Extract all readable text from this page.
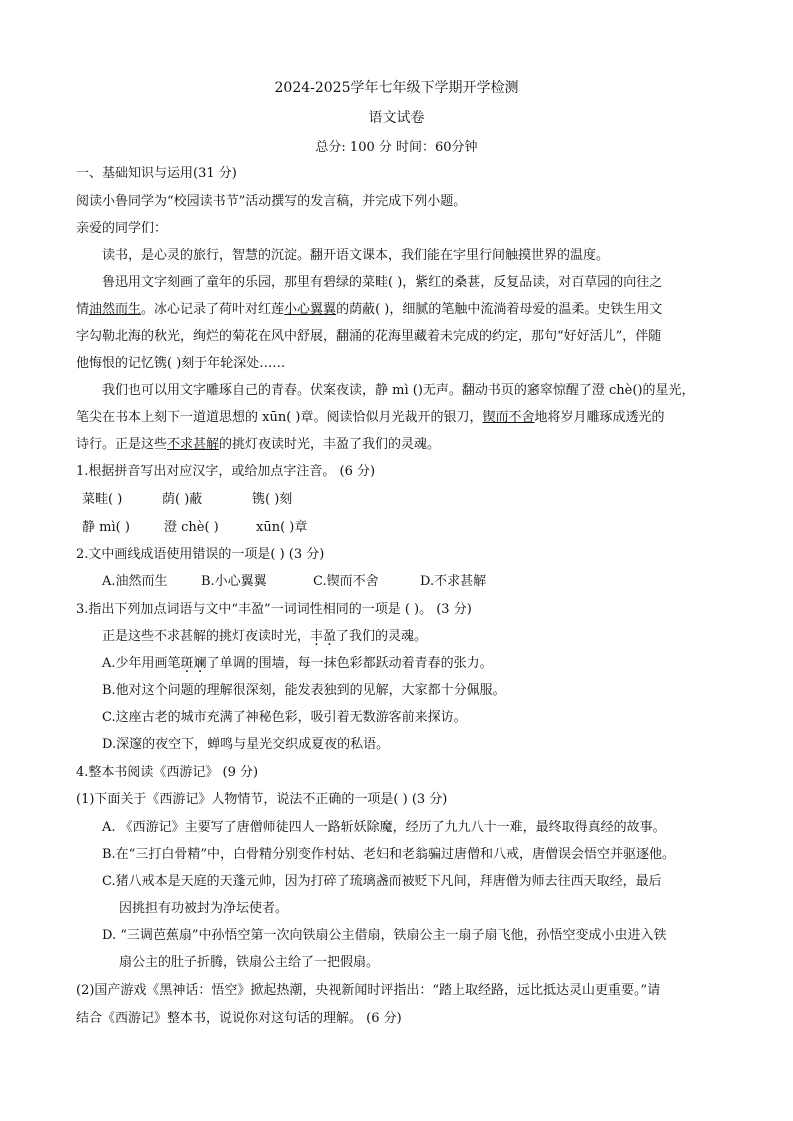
2024-2025学年七年级下学期开学检测
语文试卷
总分: 100 分 时间：60分钟
一、基础知识与运用(31 分)
阅读小鲁同学为“校园读书节”活动撰写的发言稿，并完成下列小题。
亲爱的同学们：
读书，是心灵的旅行，智慧的沉淀。翻开语文课本，我们能在字里行间触摸世界的温度。
鲁迅用文字刻画了童年的乐园，那里有碧绿的菜畦( )，紫红的桑葚，反复品读，对百草园的向往之
情油然而生。冰心记录了荷叶对红莲小心翼翼的荫蔽( )，细腻的笔触中流淌着母爱的温柔。史铁生用文
字勾勒北海的秋光，绚烂的菊花在风中舒展，翻涌的花海里藏着未完成的约定，那句“好好活儿”，伴随
他悔恨的记忆镌( )刻于年轮深处……
我们也可以用文字雕琢自己的青春。伏案夜读，静 mì ()无声。翻动书页的窸窣惊醒了澄 chè()的星光，
笔尖在书本上刻下一道道思想的 xūn( )章。阅读恰似月光裁开的银刀，锲而不舍地将岁月雕琢成透光的
诗行。正是这些不求甚解的挑灯夜读时光，丰盈了我们的灵魂。
1.根据拼音写出对应汉字，或给加点字注音。 (6 分)
菜畦( )	荫( )蔽	镌( )刻
静 mì( )	澄 chè( )	xūn( )章
2.文中画线成语使用错误的一项是( ) (3 分)
A.油然而生	B.小心翼翼	C.锲而不舍	D.不求甚解
3.指出下列加点词语与文中“丰盈”一词词性相同的一项是 ( )。 (3 分)
正是这些不求甚解的挑灯夜读时光，丰盈了我们的灵魂。
A.少年用画笔斑斓了单调的围墙，每一抹色彩都跃动着青春的张力。
B.他对这个问题的理解很深刻，能发表独到的见解，大家都十分佩服。
C.这座古老的城市充满了神秘色彩，吸引着无数游客前来探访。
D.深邃的夜空下，蝉鸣与星光交织成夏夜的私语。
4.整本书阅读《西游记》 (9 分)
(1)下面关于《西游记》人物情节，说法不正确的一项是( ) (3 分)
A. 《西游记》主要写了唐僧师徒四人一路斩妖除魔，经历了九九八十一难，最终取得真经的故事。
B.在“三打白骨精”中，白骨精分别变作村姑、老妇和老翁骗过唐僧和八戒，唐僧误会悟空并驱逐他。
C.猪八戒本是天庭的天蓬元帅，因为打碎了琉璃盏而被贬下凡间，拜唐僧为师去往西天取经，最后
因挑担有功被封为净坛使者。
D. “三调芭蕉扇”中孙悟空第一次向铁扇公主借扇，铁扇公主一扇子扇飞他，孙悟空变成小虫进入铁
扇公主的肚子折腾，铁扇公主给了一把假扇。
(2)国产游戏《黑神话：悟空》掀起热潮，央视新闻时评指出：“踏上取经路，远比抵达灵山更重要。”请
结合《西游记》整本书，说说你对这句话的理解。 (6 分)
